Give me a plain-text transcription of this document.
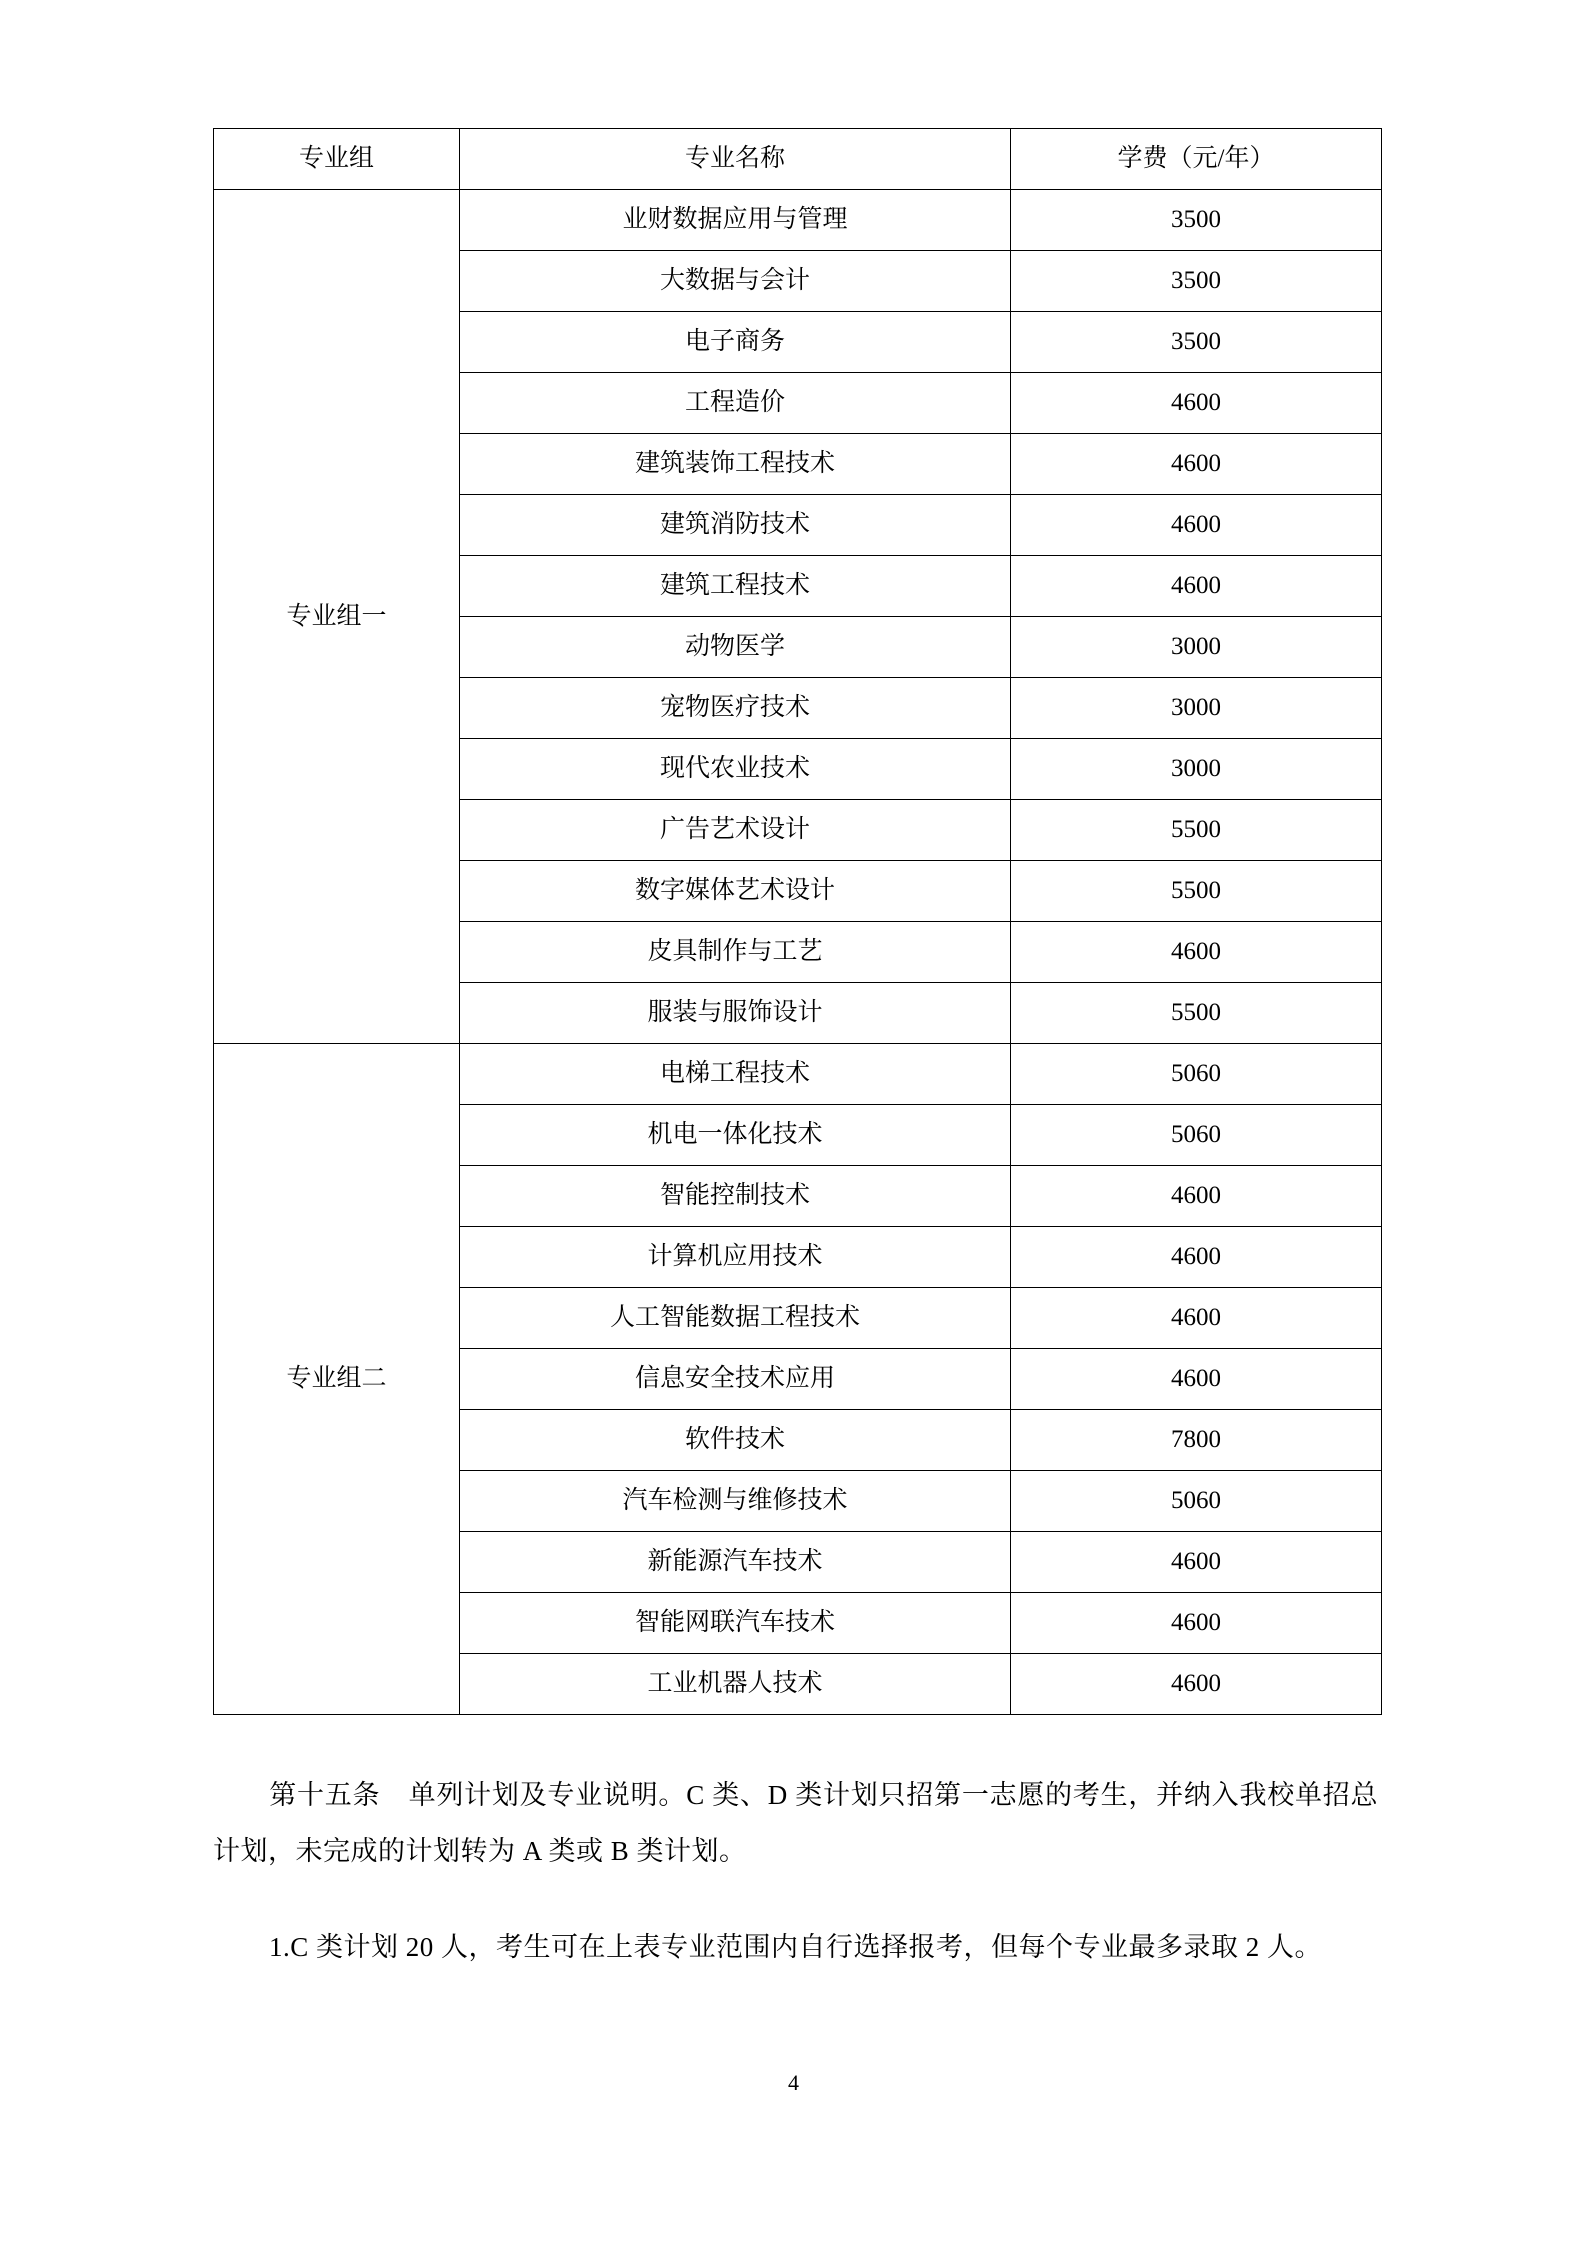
专业组	专业名称	学费（元/年）
专业组一	业财数据应用与管理	3500
	大数据与会计	3500
	电子商务	3500
	工程造价	4600
	建筑装饰工程技术	4600
	建筑消防技术	4600
	建筑工程技术	4600
	动物医学	3000
	宠物医疗技术	3000
	现代农业技术	3000
	广告艺术设计	5500
	数字媒体艺术设计	5500
	皮具制作与工艺	4600
	服装与服饰设计	5500
专业组二	电梯工程技术	5060
	机电一体化技术	5060
	智能控制技术	4600
	计算机应用技术	4600
	人工智能数据工程技术	4600
	信息安全技术应用	4600
	软件技术	7800
	汽车检测与维修技术	5060
	新能源汽车技术	4600
	智能网联汽车技术	4600
	工业机器人技术	4600

第十五条 单列计划及专业说明。C 类、D 类计划只招第一志愿的考生，并纳入我校单招总计划，未完成的计划转为 A 类或 B 类计划。

1.C 类计划 20 人，考生可在上表专业范围内自行选择报考，但每个专业最多录取 2 人。

4
